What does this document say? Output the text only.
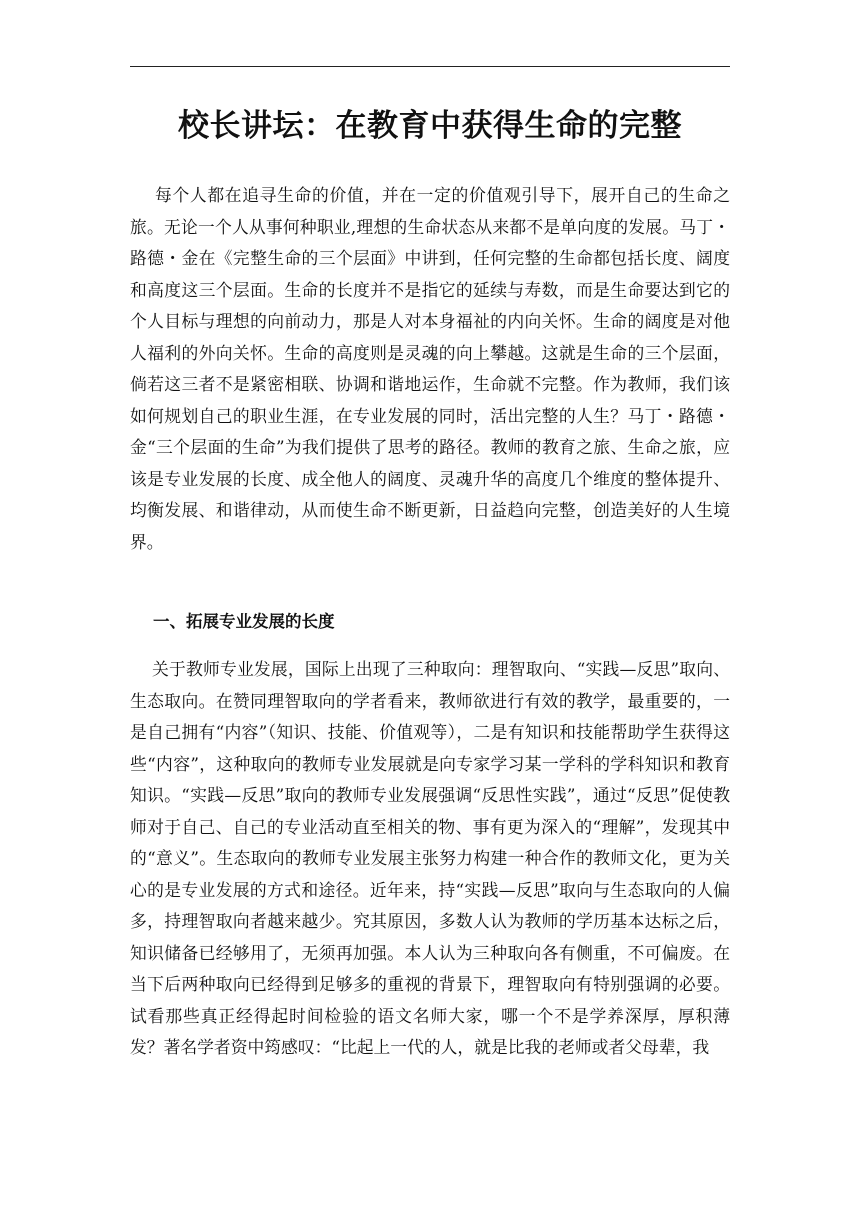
校长讲坛：在教育中获得生命的完整

每个人都在追寻生命的价值，并在一定的价值观引导下，展开自己的生命之旅。无论一个人从事何种职业,理想的生命状态从来都不是单向度的发展。马丁・路德・金在《完整生命的三个层面》中讲到，任何完整的生命都包括长度、阔度和高度这三个层面。生命的长度并不是指它的延续与寿数，而是生命要达到它的个人目标与理想的向前动力，那是人对本身福祉的内向关怀。生命的阔度是对他人福利的外向关怀。生命的高度则是灵魂的向上攀越。这就是生命的三个层面，倘若这三者不是紧密相联、协调和谐地运作，生命就不完整。作为教师，我们该如何规划自己的职业生涯，在专业发展的同时，活出完整的人生？马丁・路德・金“三个层面的生命”为我们提供了思考的路径。教师的教育之旅、生命之旅，应该是专业发展的长度、成全他人的阔度、灵魂升华的高度几个维度的整体提升、均衡发展、和谐律动，从而使生命不断更新，日益趋向完整，创造美好的人生境界。

一、拓展专业发展的长度

关于教师专业发展，国际上出现了三种取向：理智取向、“实践—反思”取向、生态取向。在赞同理智取向的学者看来，教师欲进行有效的教学，最重要的，一是自己拥有“内容”（知识、技能、价值观等），二是有知识和技能帮助学生获得这些“内容”，这种取向的教师专业发展就是向专家学习某一学科的学科知识和教育知识。“实践—反思”取向的教师专业发展强调“反思性实践”，通过“反思”促使教师对于自己、自己的专业活动直至相关的物、事有更为深入的“理解”，发现其中的“意义”。生态取向的教师专业发展主张努力构建一种合作的教师文化，更为关心的是专业发展的方式和途径。近年来，持“实践—反思”取向与生态取向的人偏多，持理智取向者越来越少。究其原因，多数人认为教师的学历基本达标之后，知识储备已经够用了，无须再加强。本人认为三种取向各有侧重，不可偏废。在当下后两种取向已经得到足够多的重视的背景下，理智取向有特别强调的必要。试看那些真正经得起时间检验的语文名师大家，哪一个不是学养深厚，厚积薄发？著名学者资中筠感叹：“比起上一代的人，就是比我的老师或者父母辈，我
